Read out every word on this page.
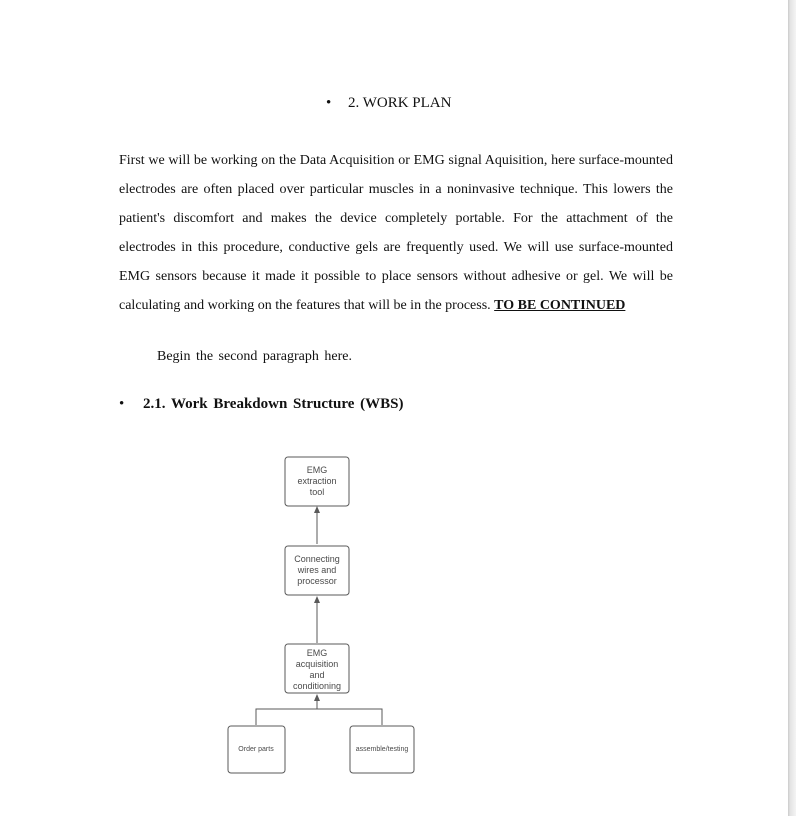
• 2. WORK PLAN
First we will be working on the Data Acquisition or EMG signal Aquisition, here surface-mounted electrodes are often placed over particular muscles in a noninvasive technique. This lowers the patient's discomfort and makes the device completely portable. For the attachment of the electrodes in this procedure, conductive gels are frequently used. We will use surface-mounted EMG sensors because it made it possible to place sensors without adhesive or gel. We will be calculating and working on the features that will be in the process. TO BE CONTINUED
Begin the second paragraph here.
• 2.1. Work Breakdown Structure (WBS)
EMG
extraction
tool
Connecting
wires and
processor
EMG
acquisition
and
conditioning
Order parts	assemble/testing
